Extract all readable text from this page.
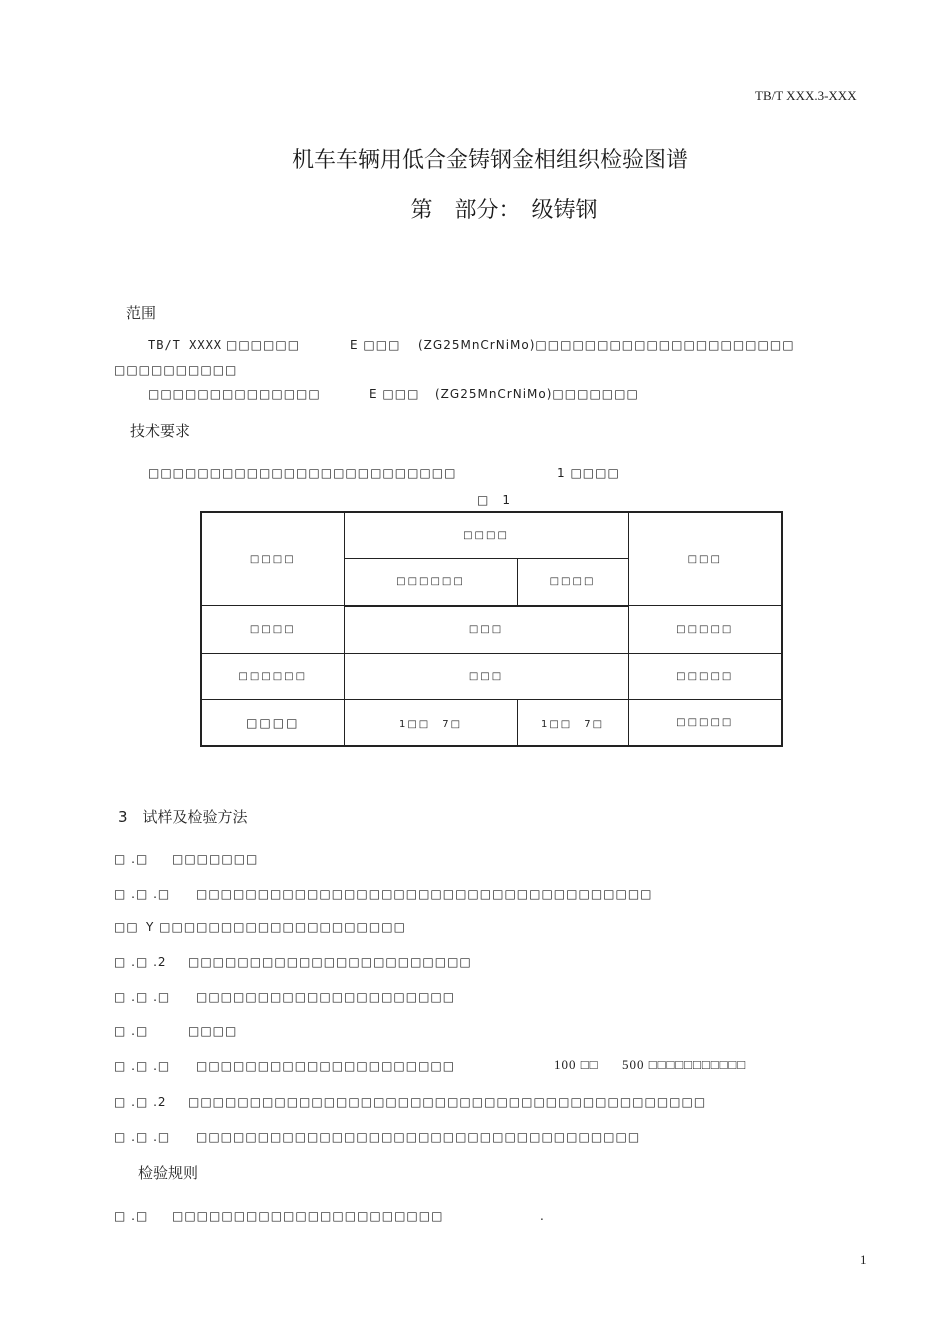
TB/T XXX.3-XXX
机车车辆用低合金铸钢金相组织检验图谱
第　部分：　级铸钢
范围
TB/T XXXX
□□□□□□	E □□□ (ZG25MnCrNiMo)□□□□□□□□□□□□□□□□□□□□□
□□□□□□□□□□
□□□□□□□□□□□□□□	E □□□ (ZG25MnCrNiMo)□□□□□□□
技术要求
□□□□□□□□□□□□□□□□□□□□□□□□□	1 □□□□
□　1
□□□□	□□□□		□□□
	□□□□□□	□□□□	
□□□□	□□□		□□□□□
□□□□□□	□□□		□□□□□
□□□□	1□□　7□	1□□　7□	□□□□□
3　试样及检验方法
□ .□ □□□□□□□
□ .□ .□ □□□□□□□□□□□□□□□□□□□□□□□□□□□□□□□□□□□□□
□□ Y □□□□□□□□□□□□□□□□□□□□
□ .□ .2 □□□□□□□□□□□□□□□□□□□□□□□
□ .□ .□ □□□□□□□□□□□□□□□□□□□□□
□ .□	□□□□
□ .□ .□ □□□□□□□□□□□□□□□□□□□□□	100 □□ 500 □□□□□□□□□□□
□ .□ .2 □□□□□□□□□□□□□□□□□□□□□□□□□□□□□□□□□□□□□□□□□□
□ .□ .□ □□□□□□□□□□□□□□□□□□□□□□□□□□□□□□□□□□□□
检验规则
□ .□ □□□□□□□□□□□□□□□□□□□□□□	.
1
